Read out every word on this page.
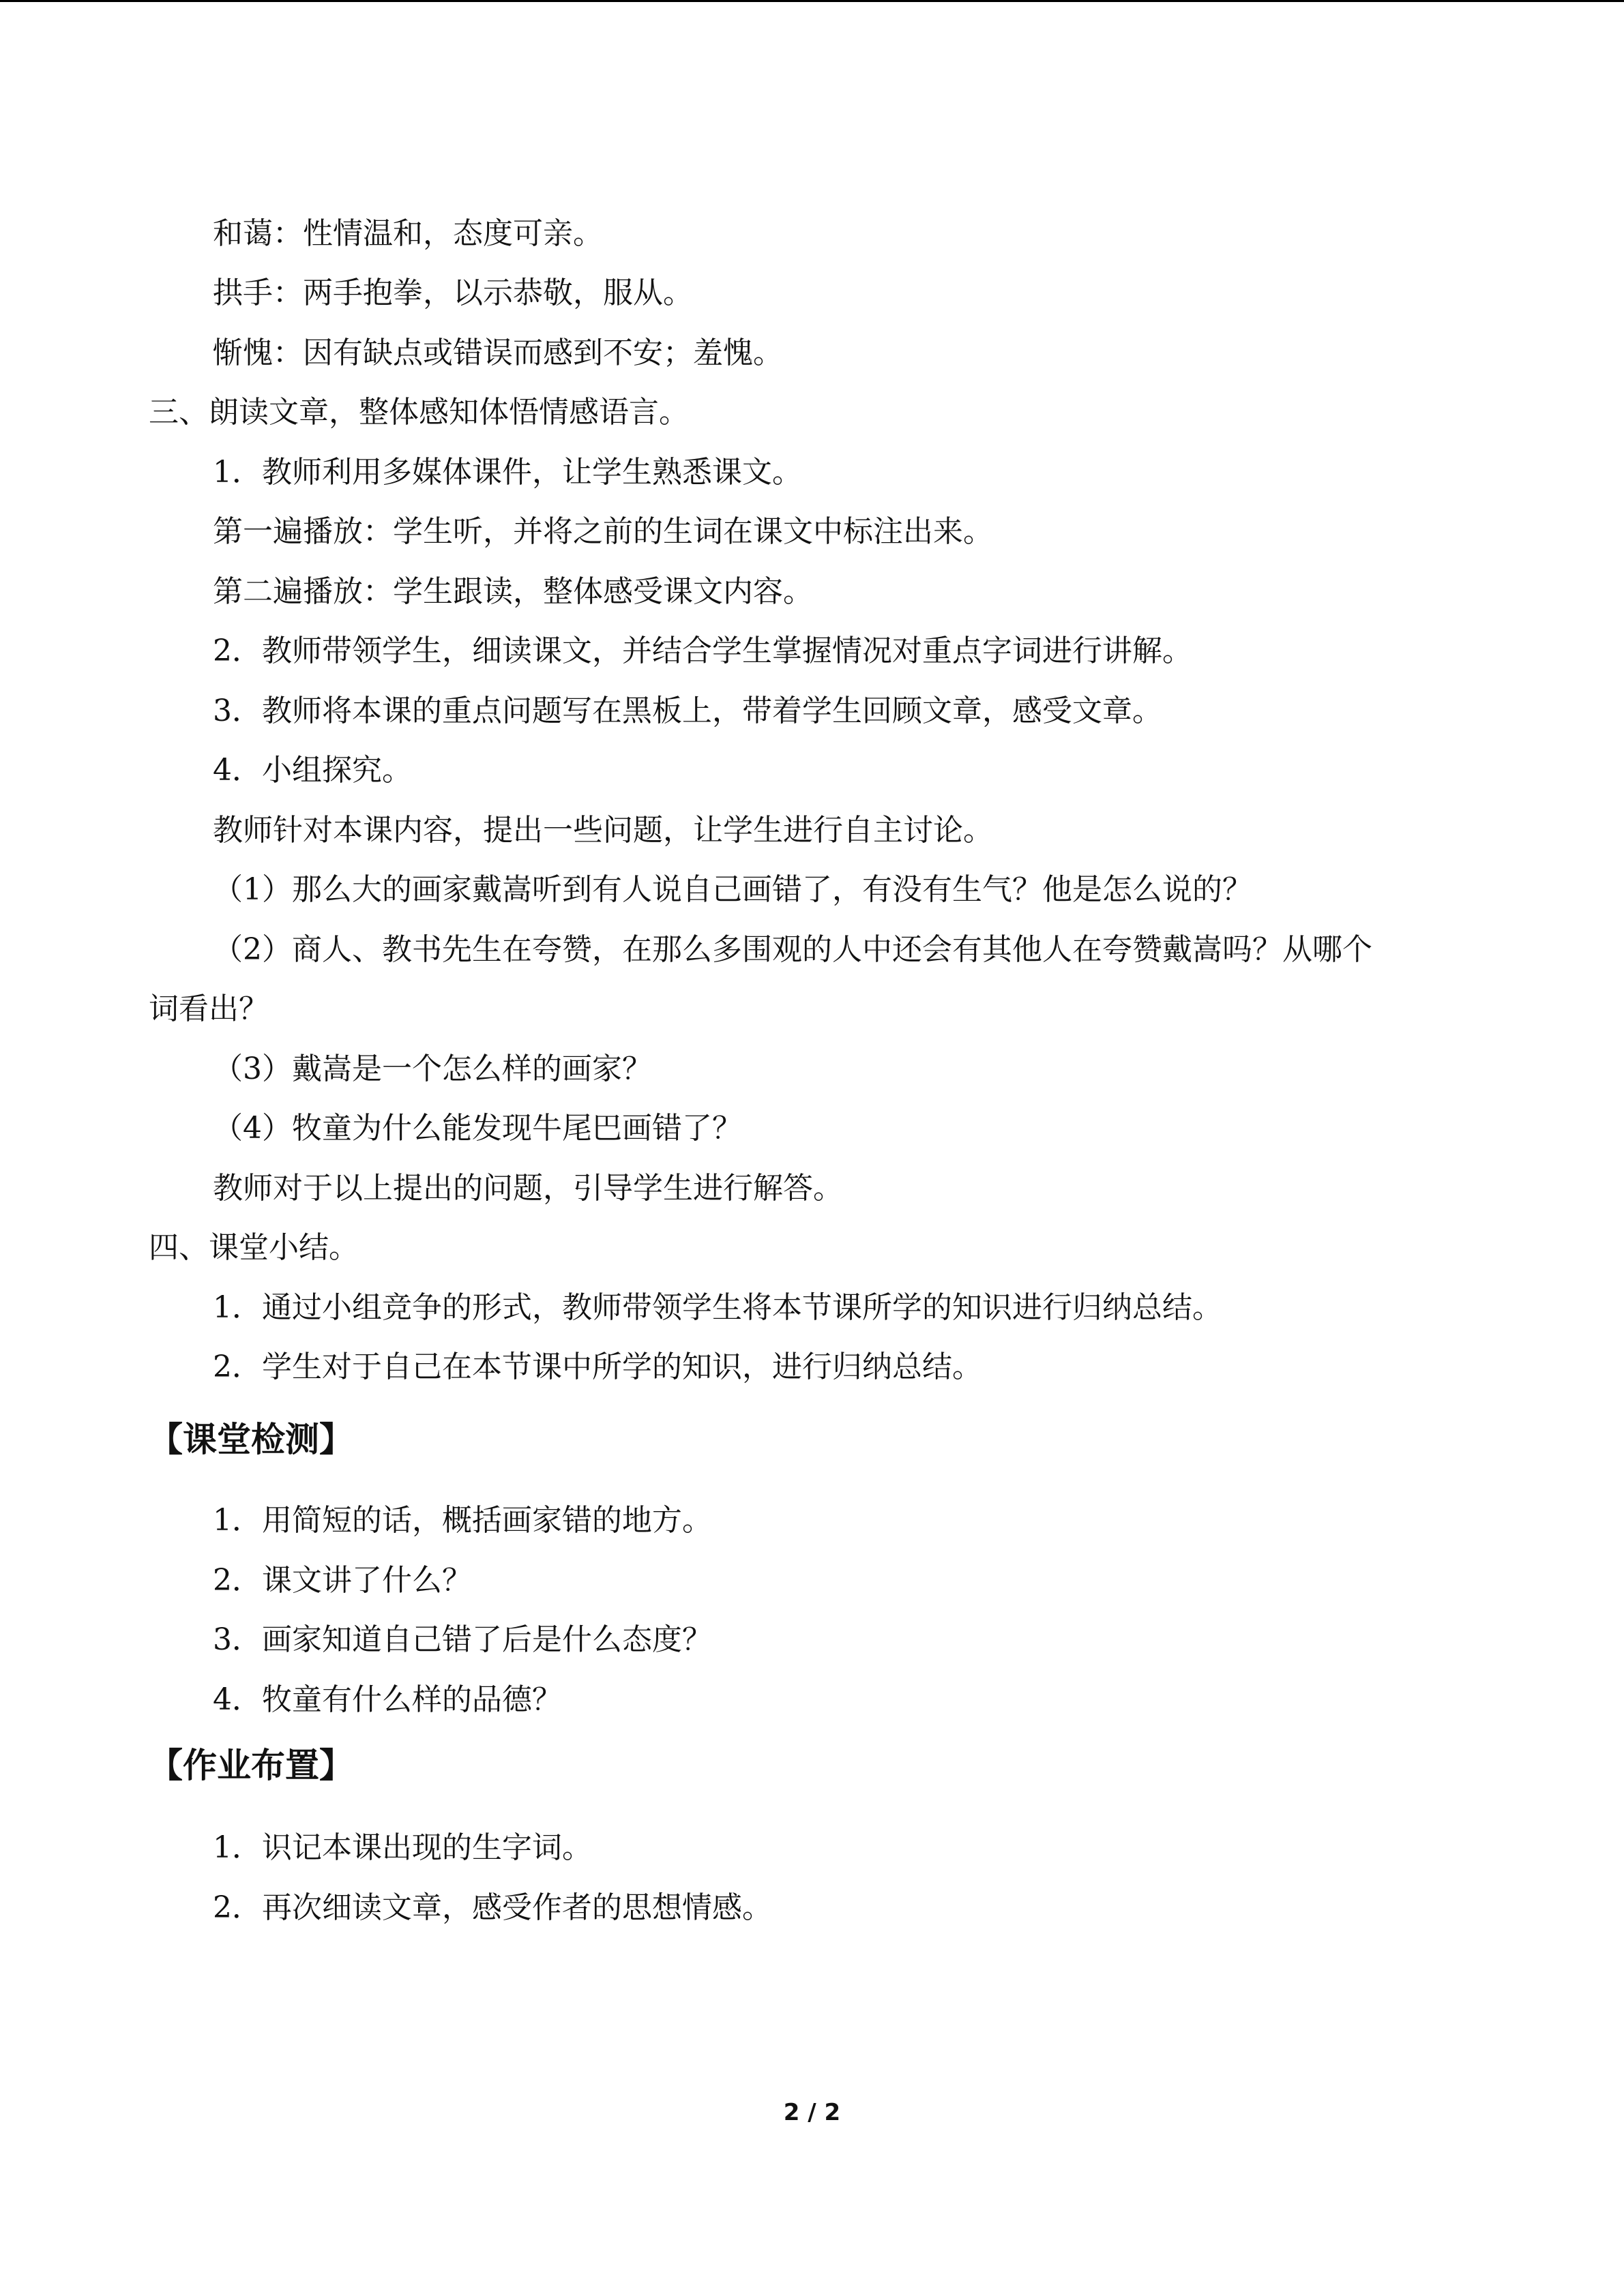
和蔼：性情温和，态度可亲。
拱手：两手抱拳，以示恭敬，服从。
惭愧：因有缺点或错误而感到不安；羞愧。
三、朗读文章，整体感知体悟情感语言。
1．教师利用多媒体课件，让学生熟悉课文。
第一遍播放：学生听，并将之前的生词在课文中标注出来。
第二遍播放：学生跟读，整体感受课文内容。
2．教师带领学生，细读课文，并结合学生掌握情况对重点字词进行讲解。
3．教师将本课的重点问题写在黑板上，带着学生回顾文章，感受文章。
4．小组探究。
教师针对本课内容，提出一些问题，让学生进行自主讨论。
（1）那么大的画家戴嵩听到有人说自己画错了，有没有生气？他是怎么说的？
（2）商人、教书先生在夸赞，在那么多围观的人中还会有其他人在夸赞戴嵩吗？从哪个
词看出？
（3）戴嵩是一个怎么样的画家？
（4）牧童为什么能发现牛尾巴画错了？
教师对于以上提出的问题，引导学生进行解答。
四、课堂小结。
1．通过小组竞争的形式，教师带领学生将本节课所学的知识进行归纳总结。
2．学生对于自己在本节课中所学的知识，进行归纳总结。
【课堂检测】
1．用简短的话，概括画家错的地方。
2．课文讲了什么？
3．画家知道自己错了后是什么态度？
4．牧童有什么样的品德？
【作业布置】
1．识记本课出现的生字词。
2．再次细读文章，感受作者的思想情感。
2 / 2
